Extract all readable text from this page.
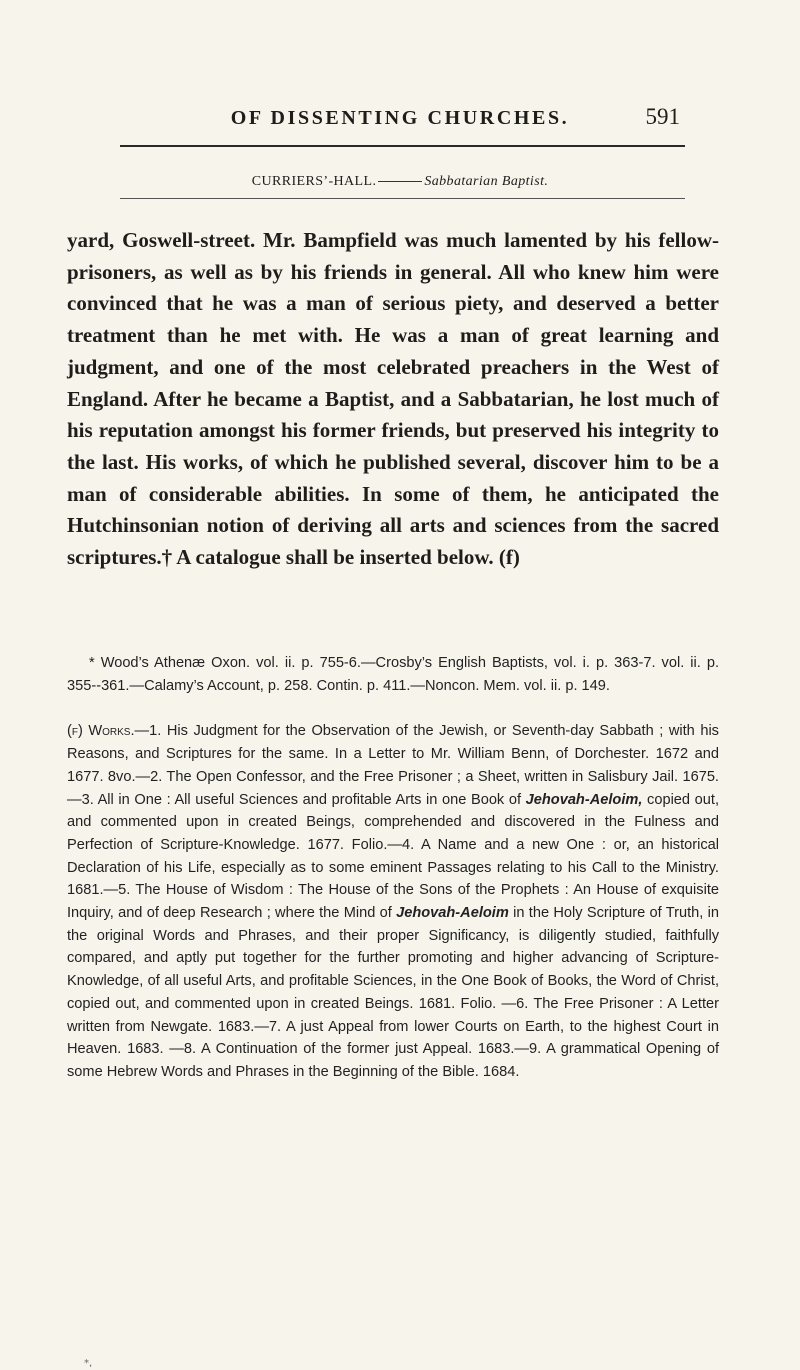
OF DISSENTING CHURCHES.	591
CURRIERS’-HALL.	Sabbatarian Baptist.

yard, Goswell-street. Mr. Bampfield was much lamented by his fellow-prisoners, as well as by his friends in general. All who knew him were convinced that he was a man of serious piety, and deserved a better treatment than he met with. He was a man of great learning and judgment, and one of the most celebrated preachers in the West of England. After he became a Baptist, and a Sabbatarian, he lost much of his reputation amongst his former friends, but preserved his integrity to the last. His works, of which he published several, discover him to be a man of considerable abilities. In some of them, he anticipated the Hutchinsonian notion of deriving all arts and sciences from the sacred scriptures.† A catalogue shall be inserted below. (f)

* Wood’s Athenæ Oxon. vol. ii. p. 755-6.—Crosby’s English Baptists, vol. i. p. 363-7. vol. ii. p. 355--361.—Calamy’s Account, p. 258. Contin. p. 411.—Noncon. Mem. vol. ii. p. 149.

(f) Works.—1. His Judgment for the Observation of the Jewish, or Seventh-day Sabbath ; with his Reasons, and Scriptures for the same. In a Letter to Mr. William Benn, of Dorchester. 1672 and 1677. 8vo.—2. The Open Confessor, and the Free Prisoner ; a Sheet, written in Salisbury Jail. 1675.—3. All in One : All useful Sciences and profitable Arts in one Book of Jehovah-Aeloim, copied out, and commented upon in created Beings, comprehended and discovered in the Fulness and Perfection of Scripture-Knowledge. 1677. Folio.—4. A Name and a new One : or, an historical Declaration of his Life, especially as to some eminent Passages relating to his Call to the Ministry. 1681.—5. The House of Wisdom : The House of the Sons of the Prophets : An House of exquisite Inquiry, and of deep Research ; where the Mind of Jehovah-Aeloim in the Holy Scripture of Truth, in the original Words and Phrases, and their proper Significancy, is diligently studied, faithfully compared, and aptly put together for the further promoting and higher advancing of Scripture-Knowledge, of all useful Arts, and profitable Sciences, in the One Book of Books, the Word of Christ, copied out, and commented upon in created Beings. 1681. Folio. —6. The Free Prisoner : A Letter written from Newgate. 1683.—7. A just Appeal from lower Courts on Earth, to the highest Court in Heaven. 1683. —8. A Continuation of the former just Appeal. 1683.—9. A grammatical Opening of some Hebrew Words and Phrases in the Beginning of the Bible. 1684.

*,
